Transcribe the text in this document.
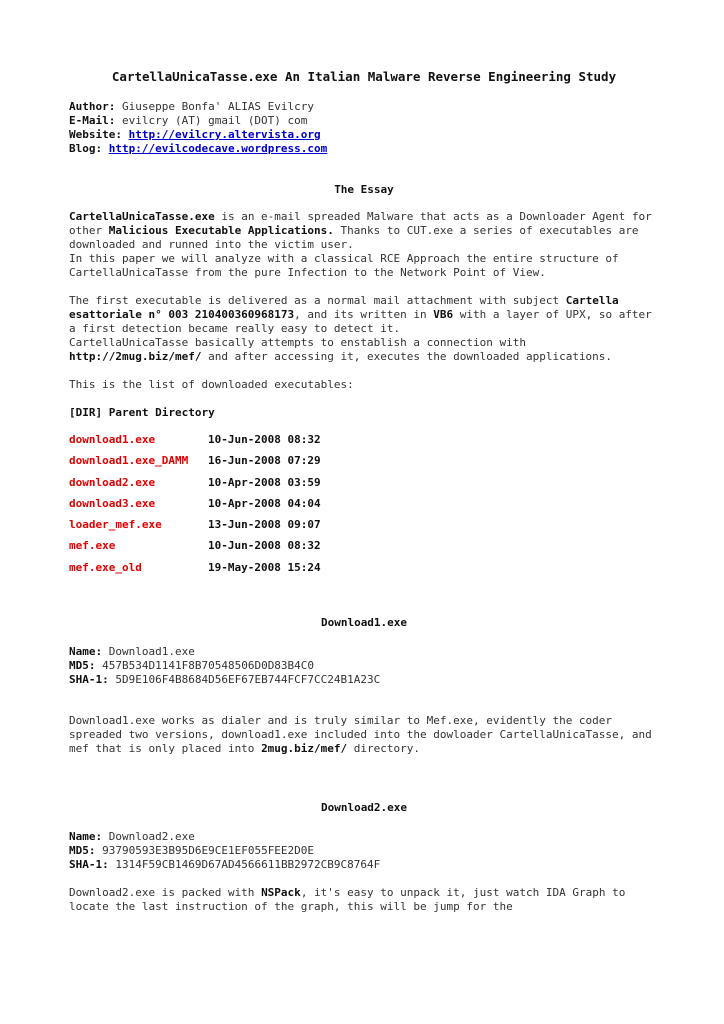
CartellaUnicaTasse.exe An Italian Malware Reverse Engineering Study
Author: Giuseppe Bonfa' ALIAS Evilcry
E-Mail: evilcry (AT) gmail (DOT) com
Website: http://evilcry.altervista.org
Blog: http://evilcodecave.wordpress.com
The Essay

CartellaUnicaTasse.exe is an e-mail spreaded Malware that acts as a Downloader Agent for other Malicious Executable Applications. Thanks to CUT.exe a series of executables are downloaded and runned into the victim user.
In this paper we will analyze with a classical RCE Approach the entire structure of CartellaUnicaTasse from the pure Infection to the Network Point of View.

The first executable is delivered as a normal mail attachment with subject Cartella esattoriale n° 003 210400360968173, and its written in VB6 with a layer of UPX, so after a first detection became really easy to detect it.
CartellaUnicaTasse basically attempts to enstablish a connection with http://2mug.biz/mef/ and after accessing it, executes the downloaded applications.

This is the list of downloaded executables:

[DIR] Parent Directory
download1.exe	10-Jun-2008 08:32
download1.exe_DAMM 16-Jun-2008 07:29
download2.exe	10-Apr-2008 03:59
download3.exe	10-Apr-2008 04:04
loader_mef.exe	13-Jun-2008 09:07
mef.exe	10-Jun-2008 08:32
mef.exe_old	19-May-2008 15:24
Download1.exe
Name: Download1.exe
MD5: 457B534D1141F8B70548506D0D83B4C0
SHA-1: 5D9E106F4B8684D56EF67EB744FCF7CC24B1A23C

Download1.exe works as dialer and is truly similar to Mef.exe, evidently the coder spreaded two versions, download1.exe included into the dowloader CartellaUnicaTasse, and mef that is only placed into 2mug.biz/mef/ directory.

Download2.exe
Name: Download2.exe
MD5: 93790593E3B95D6E9CE1EF055FEE2D0E
SHA-1: 1314F59CB1469D67AD4566611BB2972CB9C8764F

Download2.exe is packed with NSPack, it's easy to unpack it, just watch IDA Graph to locate the last instruction of the graph, this will be jump for the
